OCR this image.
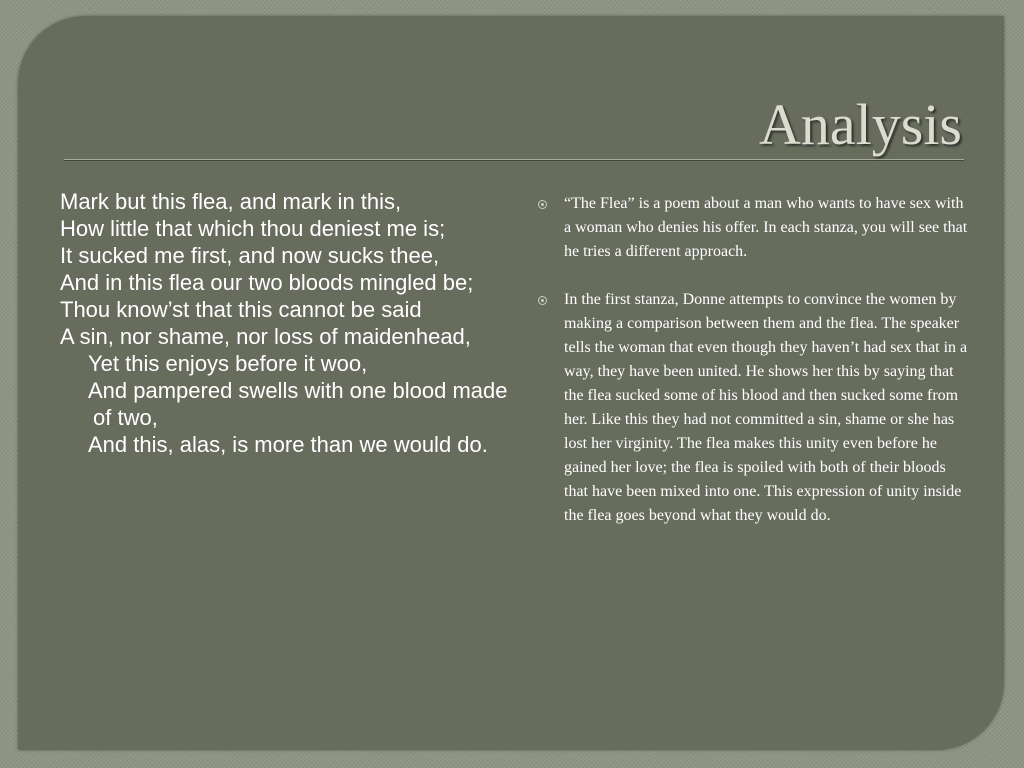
Analysis
Mark but this flea, and mark in this,
How little that which thou deniest me is;
It sucked me first, and now sucks thee,
And in this flea our two bloods mingled be;
Thou know’st that this cannot be said
A sin, nor shame, nor loss of maidenhead,
Yet this enjoys before it woo,
And pampered swells with one blood made of two,
And this, alas, is more than we would do.
“The Flea” is a poem about a man who wants to have sex with a woman who denies his offer. In each stanza, you will see that he tries a different approach.
In the first stanza, Donne attempts to convince the women by making a comparison between them and the flea. The speaker tells the woman that even though they haven’t had sex that in a way, they have been united. He shows her this by saying that the flea sucked some of his blood and then sucked some from her. Like this they had not committed a sin, shame or she has lost her virginity. The flea makes this unity even before he gained her love; the flea is spoiled with both of their bloods that have been mixed into one. This expression of unity inside the flea goes beyond what they would do.
